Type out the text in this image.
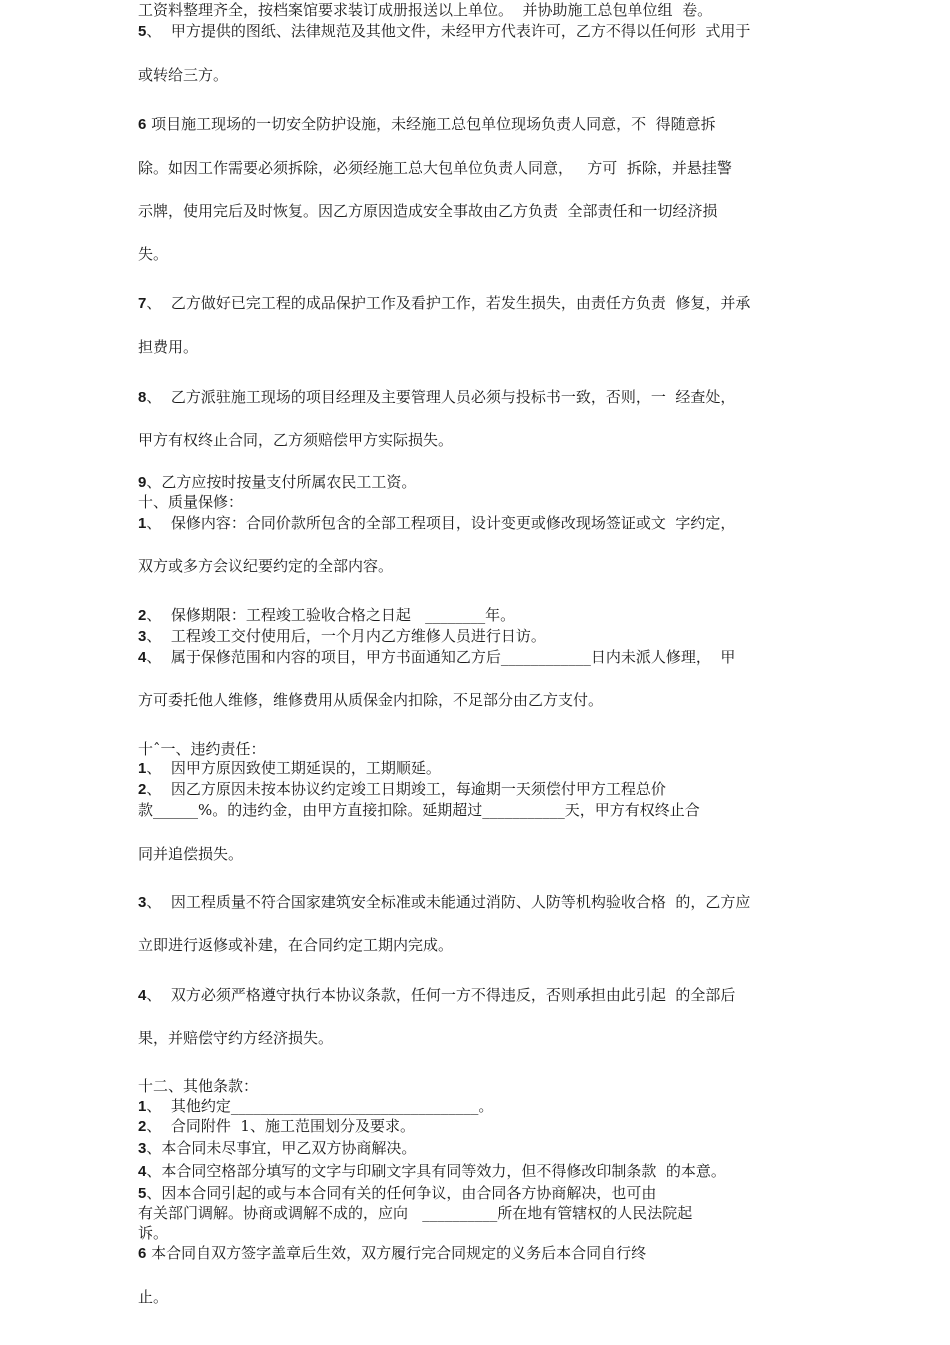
工资料整理齐全，按档案馆要求装订成册报送以上单位。  并协助施工总包单位组  卷。
5、  甲方提供的图纸、法律规范及其他文件，未经甲方代表许可，乙方不得以任何形  式用于
或转给三方。
6 项目施工现场的一切安全防护设施，未经施工总包单位现场负责人同意，不  得随意拆
除。如因工作需要必须拆除，必须经施工总大包单位负责人同意，   方可  拆除，并悬挂警
示牌，使用完后及时恢复。因乙方原因造成安全事故由乙方负责  全部责任和一切经济损
失。
7、  乙方做好已完工程的成品保护工作及看护工作，若发生损失，由责任方负责  修复，并承
担费用。
8、  乙方派驻施工现场的项目经理及主要管理人员必须与投标书一致，否则，一  经查处，
甲方有权终止合同，乙方须赔偿甲方实际损失。
9、乙方应按时按量支付所属农民工工资。
十、质量保修：
1、  保修内容：合同价款所包含的全部工程项目，设计变更或修改现场签证或文  字约定，
双方或多方会议纪要约定的全部内容。
2、  保修期限：工程竣工验收合格之日起   ________年。
3、  工程竣工交付使用后，一个月内乙方维修人员进行日访。
4、  属于保修范围和内容的项目，甲方书面通知乙方后____________日内未派人修理，  甲
方可委托他人维修，维修费用从质保金内扣除，不足部分由乙方支付。
十ˆ一、违约责任：
1、  因甲方原因致使工期延误的，工期顺延。
2、  因乙方原因未按本协议约定竣工日期竣工，每逾期一天须偿付甲方工程总价
款______%。的违约金，由甲方直接扣除。延期超过___________天，甲方有权终止合
同并追偿损失。
3、  因工程质量不符合国家建筑安全标准或未能通过消防、人防等机构验收合格  的，乙方应
立即进行返修或补建，在合同约定工期内完成。
4、  双方必须严格遵守执行本协议条款，任何一方不得违反，否则承担由此引起  的全部后
果，并赔偿守约方经济损失。
十二、其他条款：
1、  其他约定_________________________________。
2、  合同附件  1、施工范围划分及要求。
3、本合同未尽事宜，甲乙双方协商解决。
4、本合同空格部分填写的文字与印刷文字具有同等效力，但不得修改印制条款  的本意。
5、因本合同引起的或与本合同有关的任何争议，由合同各方协商解决，也可由
有关部门调解。协商或调解不成的，应向   __________所在地有管辖权的人民法院起
诉。
6 本合同自双方签字盖章后生效，双方履行完合同规定的义务后本合同自行终
止。
